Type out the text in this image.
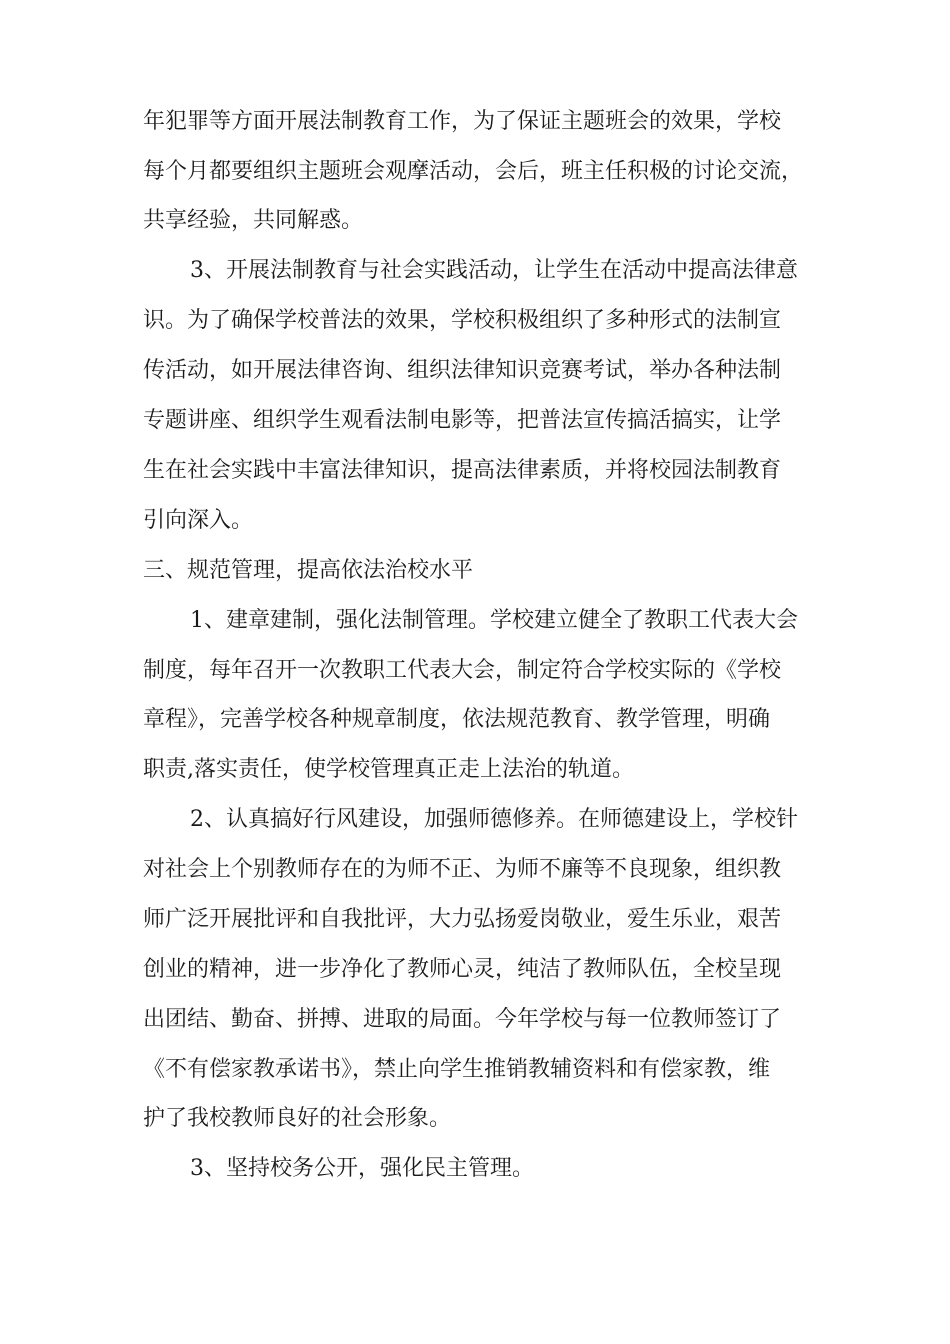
年犯罪等方面开展法制教育工作，为了保证主题班会的效果，学校
每个月都要组织主题班会观摩活动，会后，班主任积极的讨论交流，
共享经验，共同解惑。
3、开展法制教育与社会实践活动，让学生在活动中提高法律意
识。为了确保学校普法的效果，学校积极组织了多种形式的法制宣
传活动，如开展法律咨询、组织法律知识竞赛考试，举办各种法制
专题讲座、组织学生观看法制电影等，把普法宣传搞活搞实，让学
生在社会实践中丰富法律知识，提高法律素质，并将校园法制教育
引向深入。
三、规范管理，提高依法治校水平
1、建章建制，强化法制管理。学校建立健全了教职工代表大会
制度，每年召开一次教职工代表大会，制定符合学校实际的《学校
章程》，完善学校各种规章制度，依法规范教育、教学管理，明确
职责,落实责任，使学校管理真正走上法治的轨道。
2、认真搞好行风建设，加强师德修养。在师德建设上，学校针
对社会上个别教师存在的为师不正、为师不廉等不良现象，组织教
师广泛开展批评和自我批评，大力弘扬爱岗敬业，爱生乐业，艰苦
创业的精神，进一步净化了教师心灵，纯洁了教师队伍，全校呈现
出团结、勤奋、拼搏、进取的局面。今年学校与每一位教师签订了
《不有偿家教承诺书》，禁止向学生推销教辅资料和有偿家教，维
护了我校教师良好的社会形象。
3、坚持校务公开，强化民主管理。
